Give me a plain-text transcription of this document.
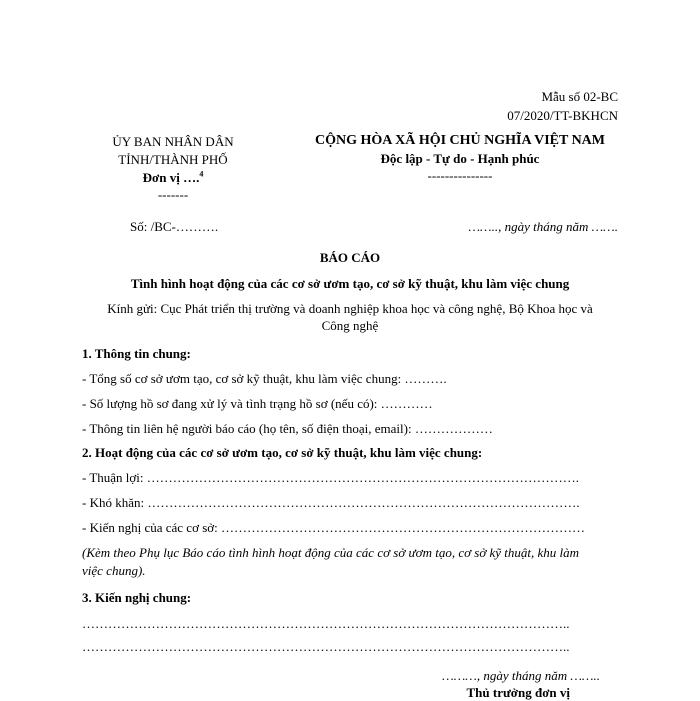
Mẫu số 02-BC
07/2020/TT-BKHCN
ỦY BAN NHÂN DÂN
TỈNH/THÀNH PHỐ
Đơn vị ….$^4$
-------
CỘNG HÒA XÃ HỘI CHỦ NGHĨA VIỆT NAM
Độc lập - Tự do - Hạnh phúc
---------------
Số: /BC-……….	…….., ngày tháng năm …….
BÁO CÁO
Tình hình hoạt động của các cơ sở ươm tạo, cơ sở kỹ thuật, khu làm việc chung
Kính gửi: Cục Phát triển thị trường và doanh nghiệp khoa học và công nghệ, Bộ Khoa học và
Công nghệ
1. Thông tin chung:
- Tổng số cơ sở ươm tạo, cơ sở kỹ thuật, khu làm việc chung: ……….
- Số lượng hồ sơ đang xử lý và tình trạng hồ sơ (nếu có): …………
- Thông tin liên hệ người báo cáo (họ tên, số điện thoại, email): ………………
2. Hoạt động của các cơ sở ươm tạo, cơ sở kỹ thuật, khu làm việc chung:
- Thuận lợi: ……………………………………………………………………………………….
- Khó khăn: ……………………………………………………………………………………….
- Kiến nghị của các cơ sở: …………………………………………………………………………
(Kèm theo Phụ lục Báo cáo tình hình hoạt động của các cơ sở ươm tạo, cơ sở kỹ thuật, khu làm
việc chung).
3. Kiến nghị chung:
…………………………………………………………………………………………………..
…………………………………………………………………………………………………..
………, ngày tháng năm ……..
Thủ trưởng đơn vị
